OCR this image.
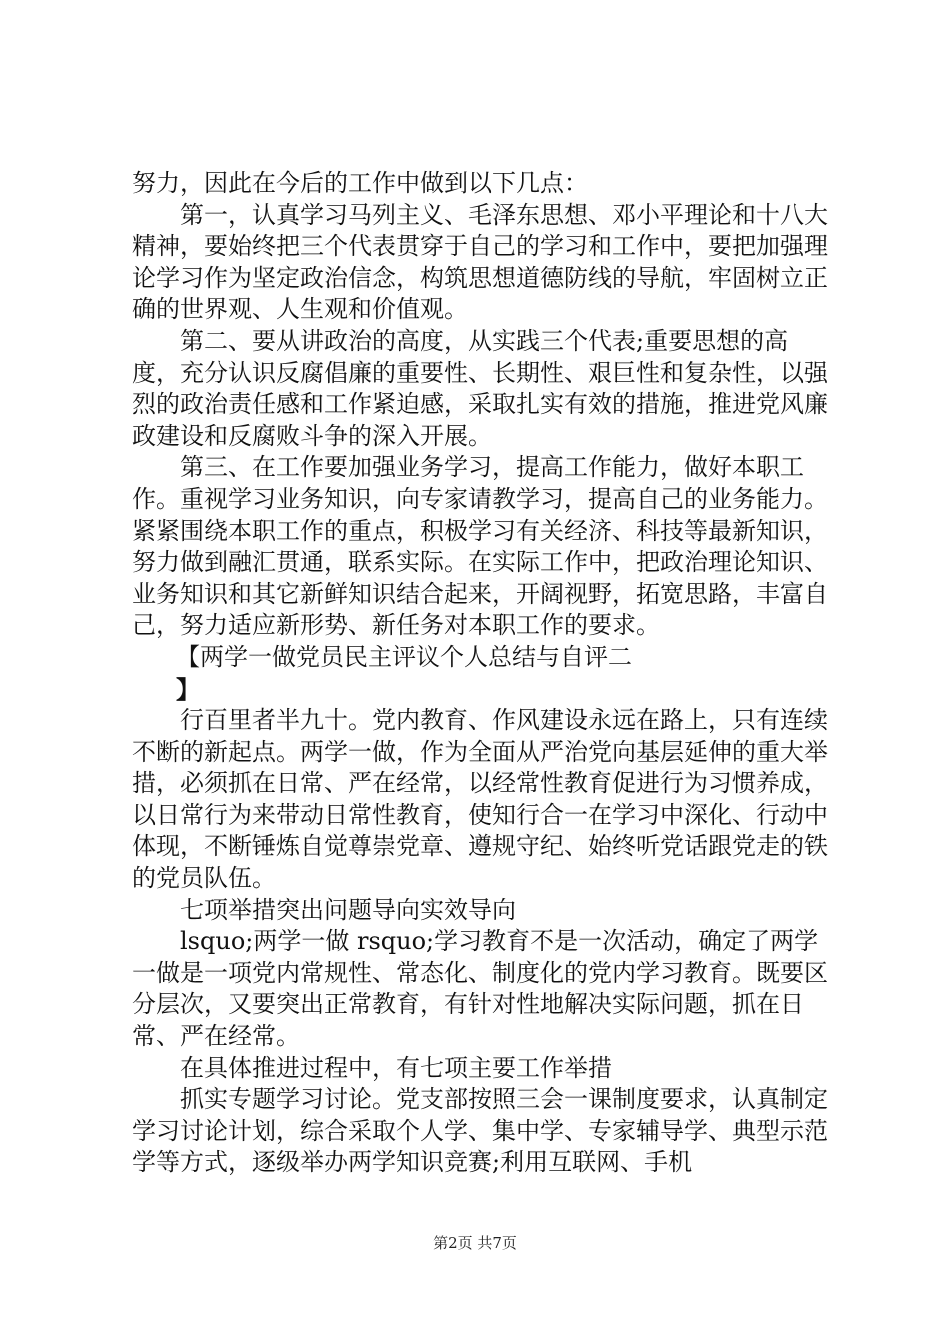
努力，因此在今后的工作中做到以下几点：

第一，认真学习马列主义、毛泽东思想、邓小平理论和十八大精神，要始终把三个代表贯穿于自己的学习和工作中，要把加强理论学习作为坚定政治信念，构筑思想道德防线的导航，牢固树立正确的世界观、人生观和价值观。

第二、要从讲政治的高度，从实践三个代表;重要思想的高度，充分认识反腐倡廉的重要性、长期性、艰巨性和复杂性，以强烈的政治责任感和工作紧迫感，采取扎实有效的措施，推进党风廉政建设和反腐败斗争的深入开展。

第三、在工作要加强业务学习，提高工作能力，做好本职工作。重视学习业务知识，向专家请教学习，提高自己的业务能力。紧紧围绕本职工作的重点，积极学习有关经济、科技等最新知识，努力做到融汇贯通，联系实际。在实际工作中，把政治理论知识、业务知识和其它新鲜知识结合起来，开阔视野，拓宽思路，丰富自己，努力适应新形势、新任务对本职工作的要求。

【两学一做党员民主评议个人总结与自评二

】

行百里者半九十。党内教育、作风建设永远在路上，只有连续不断的新起点。两学一做，作为全面从严治党向基层延伸的重大举措，必须抓在日常、严在经常，以经常性教育促进行为习惯养成，以日常行为来带动日常性教育，使知行合一在学习中深化、行动中体现，不断锤炼自觉尊崇党章、遵规守纪、始终听党话跟党走的铁的党员队伍。

七项举措突出问题导向实效导向

lsquo;两学一做 rsquo;学习教育不是一次活动，确定了两学一做是一项党内常规性、常态化、制度化的党内学习教育。既要区分层次，又要突出正常教育，有针对性地解决实际问题，抓在日常、严在经常。

在具体推进过程中，有七项主要工作举措

抓实专题学习讨论。党支部按照三会一课制度要求，认真制定学习讨论计划，综合采取个人学、集中学、专家辅导学、典型示范学等方式，逐级举办两学知识竞赛;利用互联网、手机

第2页 共7页
